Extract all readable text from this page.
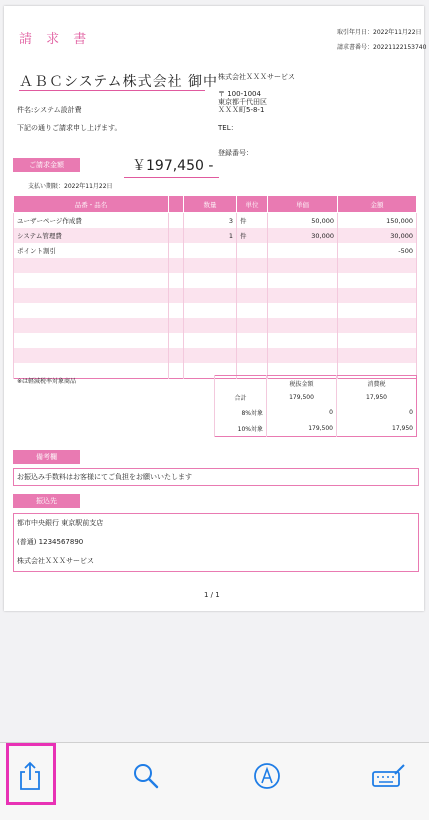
請 求 書	取引年月日：2022年11月22日
請求書番号：20221122153740
ＡＢＣシステム株式会社 御中 株式会社ＸＸＸサービス
〒 100-1004
東京都千代田区
ＸＸＸ町5-8-1
TEL：
登録番号：
件名:システム設計費
下記の通りご請求申し上げます。
ご請求金額	￥197,450 -
支払い期限：2022年11月22日
品番・品名		数量	単位	単価	金額
ユーザーページ作成費		3	件	50,000	150,000
システム管理費		1	件	30,000	30,000
ポイント割引					-500

※は軽減税率対象商品
		税抜金額	消費税
合計	179,500	17,950
8%対象	0	0
10%対象	179,500	17,950
備考欄
お振込み手数料はお客様にてご負担をお願いいたします
振込先
都市中央銀行 東京駅前支店
(普通) 1234567890
株式会社ＸＸＸサービス
1 / 1
